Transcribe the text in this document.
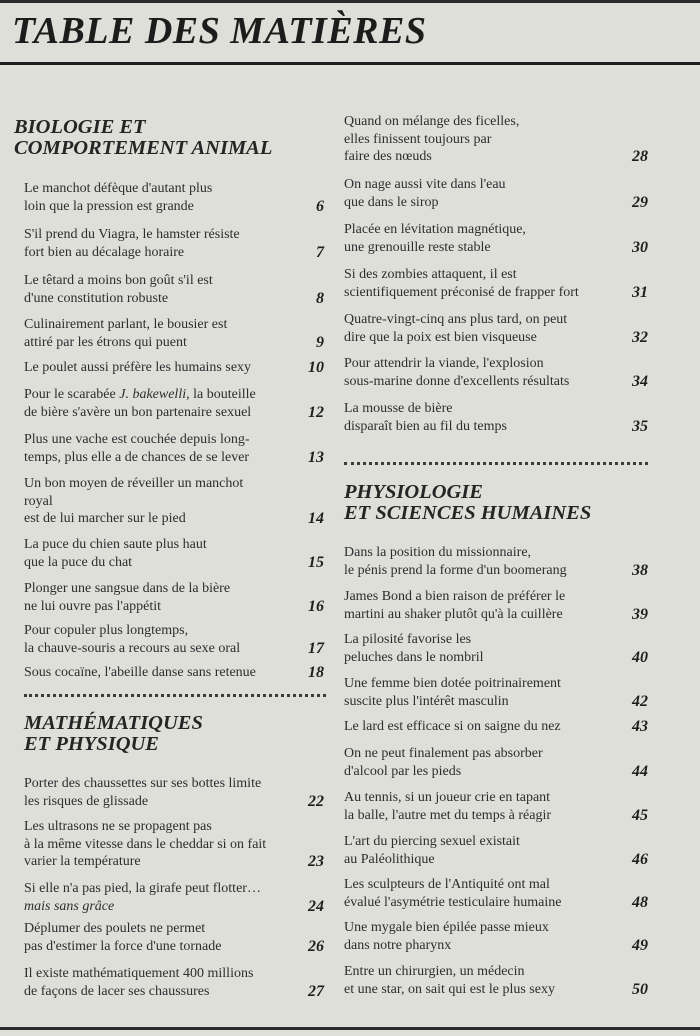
TABLE DES MATIÈRES
BIOLOGIE ET
COMPORTEMENT ANIMAL
Le manchot défèque d'autant plus
loin que la pression est grande	6
S'il prend du Viagra, le hamster résiste
fort bien au décalage horaire	7
Le têtard a moins bon goût s'il est
d'une constitution robuste	8
Culinairement parlant, le bousier est
attiré par les étrons qui puent	9
Le poulet aussi préfère les humains sexy	10
Pour le scarabée J. bakewelli, la bouteille
de bière s'avère un bon partenaire sexuel	12
Plus une vache est couchée depuis long-
temps, plus elle a de chances de se lever	13
Un bon moyen de réveiller un manchot
royal
est de lui marcher sur le pied	14
La puce du chien saute plus haut
que la puce du chat	15
Plonger une sangsue dans de la bière
ne lui ouvre pas l'appétit	16
Pour copuler plus longtemps,
la chauve-souris a recours au sexe oral	17
Sous cocaïne, l'abeille danse sans retenue	18
MATHÉMATIQUES
ET PHYSIQUE
Porter des chaussettes sur ses bottes limite
les risques de glissade	22
Les ultrasons ne se propagent pas
à la même vitesse dans le cheddar si on fait
varier la température	23
Si elle n'a pas pied, la girafe peut flotter…
mais sans grâce	24
Déplumer des poulets ne permet
pas d'estimer la force d'une tornade	26
Il existe mathématiquement 400 millions
de façons de lacer ses chaussures	27
Quand on mélange des ficelles,
elles finissent toujours par
faire des nœuds	28
On nage aussi vite dans l'eau
que dans le sirop	29
Placée en lévitation magnétique,
une grenouille reste stable	30
Si des zombies attaquent, il est
scientifiquement préconisé de frapper fort	31
Quatre-vingt-cinq ans plus tard, on peut
dire que la poix est bien visqueuse	32
Pour attendrir la viande, l'explosion
sous-marine donne d'excellents résultats	34
La mousse de bière
disparaît bien au fil du temps	35
PHYSIOLOGIE
ET SCIENCES HUMAINES
Dans la position du missionnaire,
le pénis prend la forme d'un boomerang	38
James Bond a bien raison de préférer le
martini au shaker plutôt qu'à la cuillère	39
La pilosité favorise les
peluches dans le nombril	40
Une femme bien dotée poitrinairement
suscite plus l'intérêt masculin	42
Le lard est efficace si on saigne du nez	43
On ne peut finalement pas absorber
d'alcool par les pieds	44
Au tennis, si un joueur crie en tapant
la balle, l'autre met du temps à réagir	45
L'art du piercing sexuel existait
au Paléolithique	46
Les sculpteurs de l'Antiquité ont mal
évalué l'asymétrie testiculaire humaine	48
Une mygale bien épilée passe mieux
dans notre pharynx	49
Entre un chirurgien, un médecin
et une star, on sait qui est le plus sexy	50
